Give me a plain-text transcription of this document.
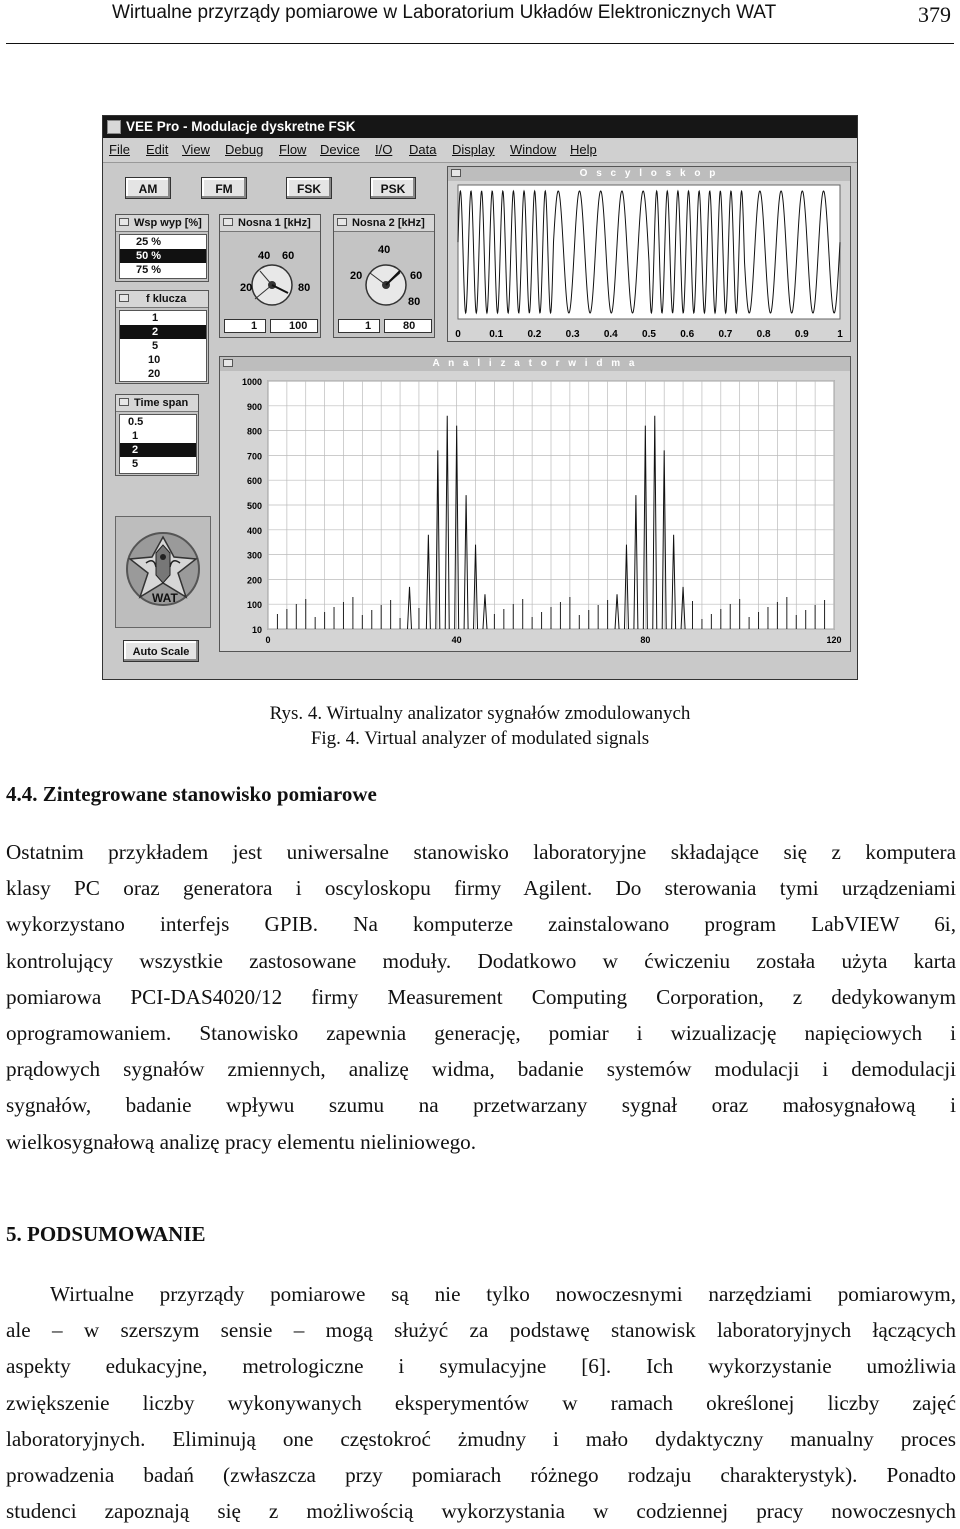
Wirtualne przyrządy pomiarowe w Laboratorium Układów Elektronicznych WAT	379
VEE Pro - Modulacje dyskretne FSK
File Edit View Debug Flow Device I/O Data Display Window Help
AM	FM	FSK	PSK
Wsp wyp [%]
25 %
50 %
75 %
f klucza
1
2
5
10
20
Time span
0.5
1
2
5
WAT
Auto Scale
Nosna 1 [kHz]
20
40 60
80
1	100
Nosna 2 [kHz]
20
40
60
80
1	80
O s c y l o s k o p
0	0.1 0.2 0.3 0.4 0.5 0.6 0.7 0.8 0.9	1
A n a l i z a t o r w i d m a
1000
900
800
700
600
500
400
300
200
100
10
0	40	80	120
Rys. 4. Wirtualny analizator sygnałów zmodulowanych
Fig. 4. Virtual analyzer of modulated signals
4.4. Zintegrowane stanowisko pomiarowe
Ostatnim przykładem jest uniwersalne stanowisko laboratoryjne składające się z komputera
klasy PC oraz generatora i oscyloskopu firmy Agilent. Do sterowania tymi urządzeniami
wykorzystano interfejs GPIB. Na komputerze zainstalowano program LabVIEW 6i,
kontrolujący wszystkie zastosowane moduły. Dodatkowo w ćwiczeniu została użyta karta
pomiarowa PCI-DAS4020/12 firmy Measurement Computing Corporation, z dedykowanym
oprogramowaniem. Stanowisko zapewnia generację, pomiar i wizualizację napięciowych i
prądowych sygnałów zmiennych, analizę widma, badanie systemów modulacji i demodulacji
sygnałów, badanie wpływu szumu na przetwarzany sygnał oraz małosygnałową i
wielkosygnałową analizę pracy elementu nieliniowego.
5. PODSUMOWANIE
Wirtualne przyrządy pomiarowe są nie tylko nowoczesnymi narzędziami pomiarowym,
ale – w szerszym sensie – mogą służyć za podstawę stanowisk laboratoryjnych łączących
aspekty edukacyjne, metrologiczne i symulacyjne [6]. Ich wykorzystanie umożliwia
zwiększenie liczby wykonywanych eksperymentów w ramach określonej liczby zajęć
laboratoryjnych. Eliminują one częstokroć żmudny i mało dydaktyczny manualny proces
prowadzenia badań (zwłaszcza przy pomiarach różnego rodzaju charakterystyk). Ponadto
studenci zapoznają się z możliwością wykorzystania w codziennej pracy nowoczesnych
